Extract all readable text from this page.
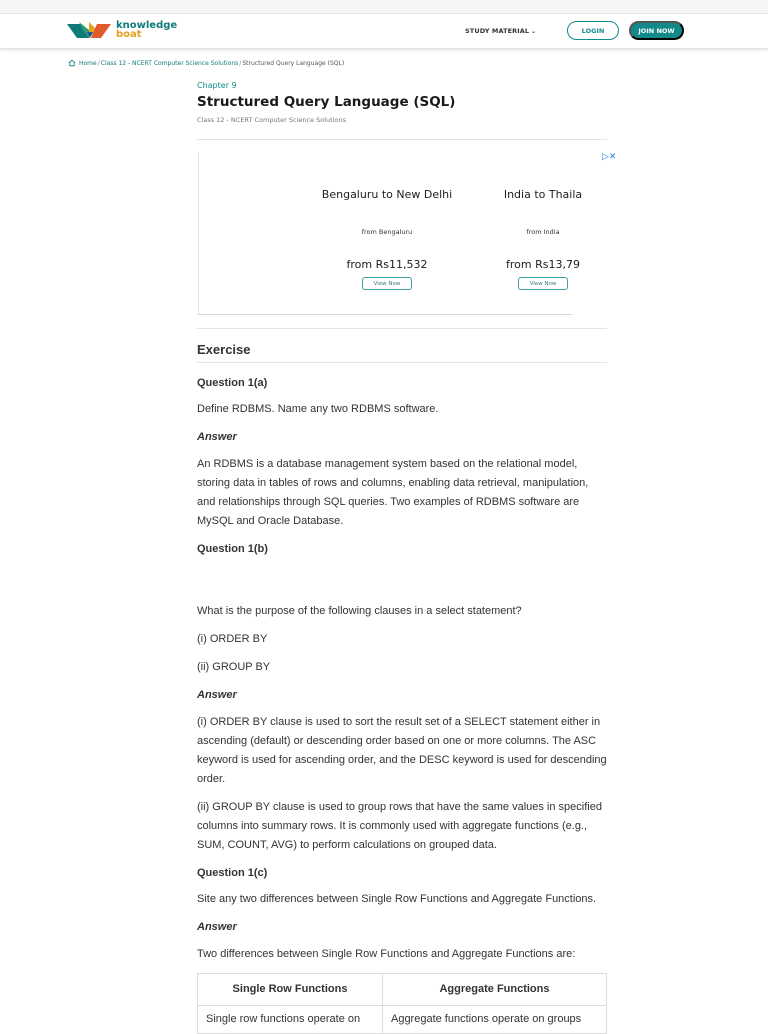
knowledge
boat	STUDY MATERIAL ⌄	LOGIN	JOIN NOW
Home / Class 12 - NCERT Computer Science Solutions / Structured Query Language (SQL)
Chapter 9
Structured Query Language (SQL)
Class 12 - NCERT Computer Science Solutions
Bengaluru to New Delhi
from Bengaluru
from Rs11,532
View Now
India to Thaila
from India
from Rs13,79
View Now
▷✕
Exercise
Question 1(a)
Define RDBMS. Name any two RDBMS software.
Answer
An RDBMS is a database management system based on the relational model, storing data in tables of rows and columns, enabling data retrieval, manipulation, and relationships through SQL queries. Two examples of RDBMS software are MySQL and Oracle Database.
Question 1(b)
What is the purpose of the following clauses in a select statement?
(i) ORDER BY
(ii) GROUP BY
Answer
(i) ORDER BY clause is used to sort the result set of a SELECT statement either in ascending (default) or descending order based on one or more columns. The ASC keyword is used for ascending order, and the DESC keyword is used for descending order.
(ii) GROUP BY clause is used to group rows that have the same values in specified columns into summary rows. It is commonly used with aggregate functions (e.g., SUM, COUNT, AVG) to perform calculations on grouped data.
Question 1(c)
Site any two differences between Single Row Functions and Aggregate Functions.
Answer
Two differences between Single Row Functions and Aggregate Functions are:
Single Row Functions	Aggregate Functions
Single row functions operate on	Aggregate functions operate on groups
